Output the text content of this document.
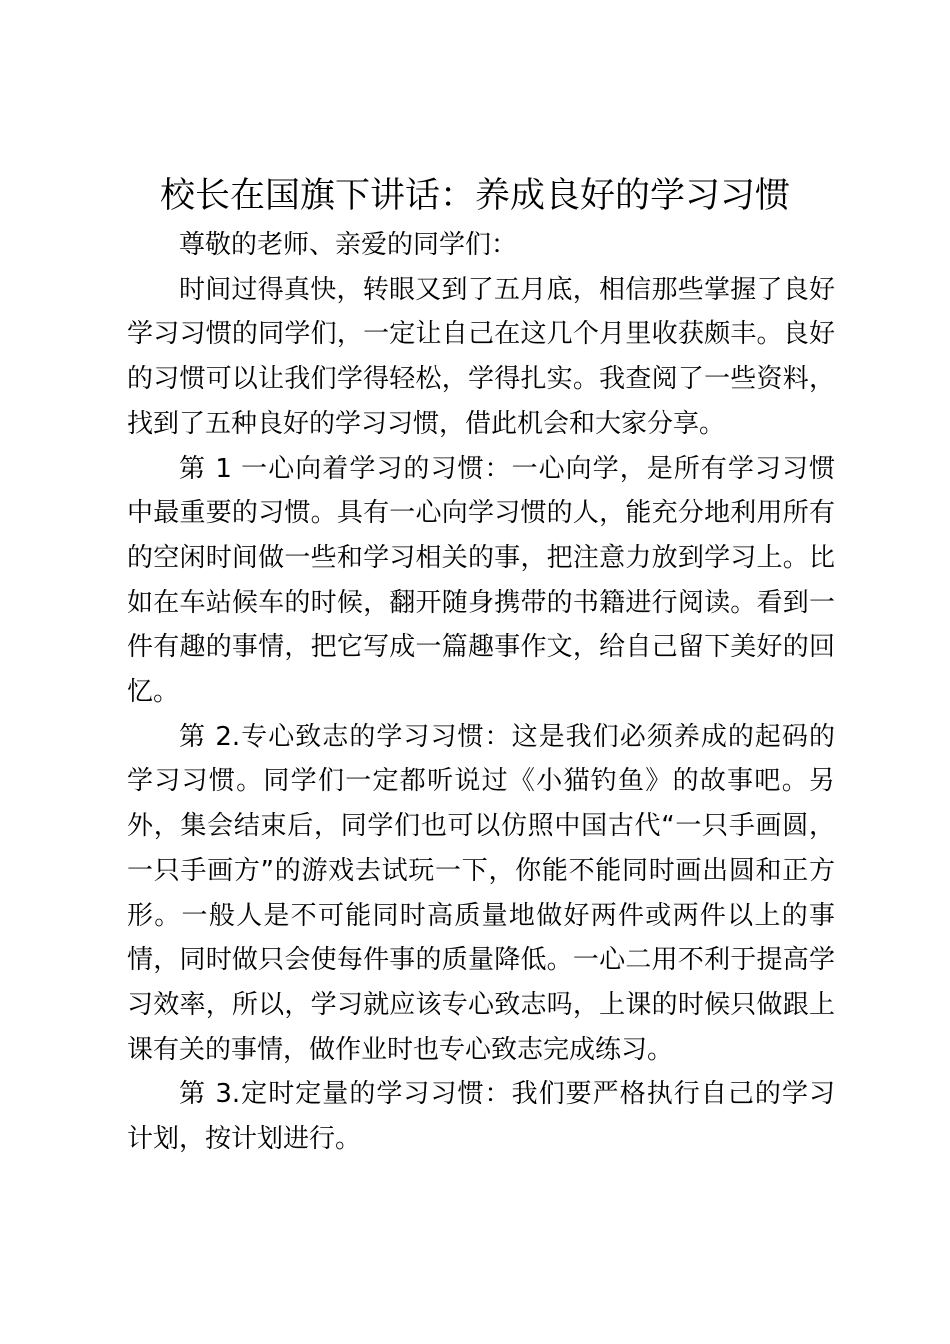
校长在国旗下讲话：养成良好的学习习惯

尊敬的老师、亲爱的同学们：

时间过得真快，转眼又到了五月底，相信那些掌握了良好学习习惯的同学们，一定让自己在这几个月里收获颇丰。良好的习惯可以让我们学得轻松，学得扎实。我查阅了一些资料，找到了五种良好的学习习惯，借此机会和大家分享。

第 1 一心向着学习的习惯：一心向学，是所有学习习惯中最重要的习惯。具有一心向学习惯的人，能充分地利用所有的空闲时间做一些和学习相关的事，把注意力放到学习上。比如在车站候车的时候，翻开随身携带的书籍进行阅读。看到一件有趣的事情，把它写成一篇趣事作文，给自己留下美好的回忆。

第 2.专心致志的学习习惯：这是我们必须养成的起码的学习习惯。同学们一定都听说过《小猫钓鱼》的故事吧。另外，集会结束后，同学们也可以仿照中国古代“一只手画圆，一只手画方”的游戏去试玩一下，你能不能同时画出圆和正方形。一般人是不可能同时高质量地做好两件或两件以上的事情，同时做只会使每件事的质量降低。一心二用不利于提高学习效率，所以，学习就应该专心致志吗，上课的时候只做跟上课有关的事情，做作业时也专心致志完成练习。

第 3.定时定量的学习习惯：我们要严格执行自己的学习计划，按计划进行。
